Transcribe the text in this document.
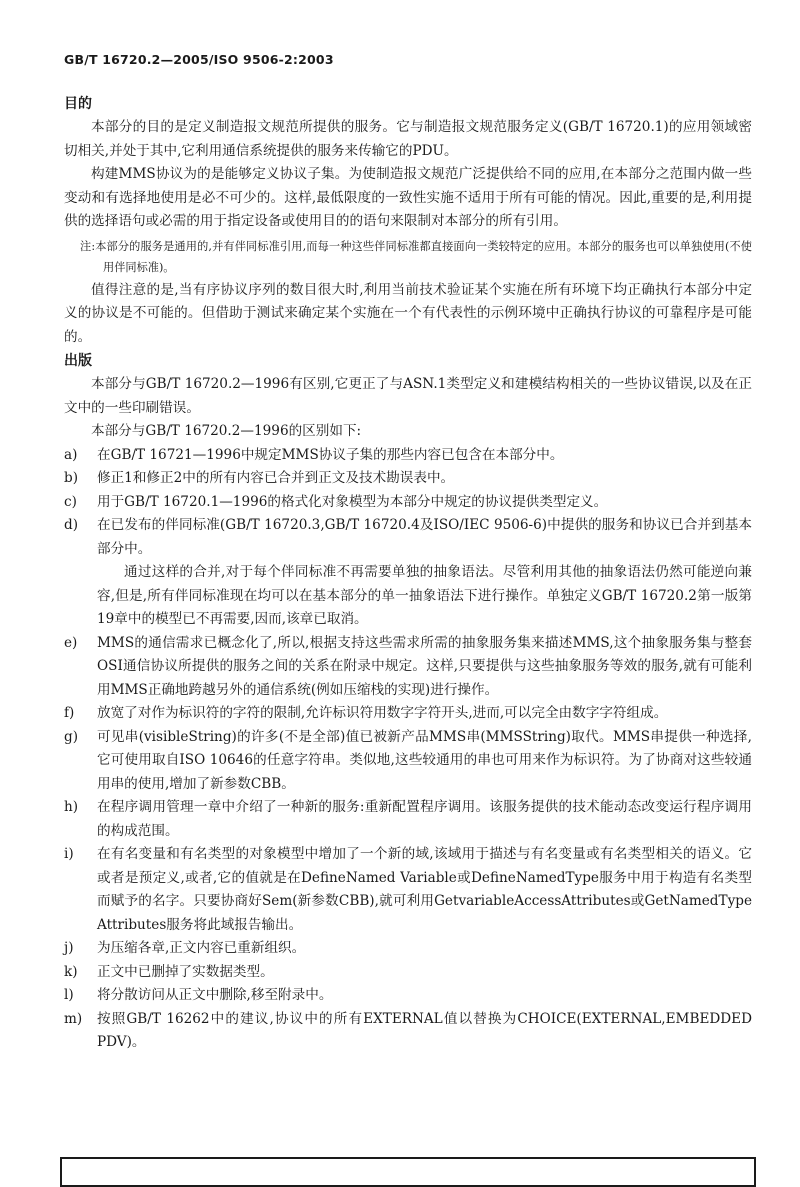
GB/T 16720.2—2005/ISO 9506-2:2003
目的

本部分的目的是定义制造报文规范所提供的服务。它与制造报文规范服务定义(GB/T 16720.1)的应用领域密切相关,并处于其中,它利用通信系统提供的服务来传输它的PDU。

构建MMS协议为的是能够定义协议子集。为使制造报文规范广泛提供给不同的应用,在本部分之范围内做一些变动和有选择地使用是必不可少的。这样,最低限度的一致性实施不适用于所有可能的情况。因此,重要的是,利用提供的选择语句或必需的用于指定设备或使用目的的语句来限制对本部分的所有引用。

注:本部分的服务是通用的,并有伴同标准引用,而每一种这些伴同标准都直接面向一类较特定的应用。本部分的服务也可以单独使用(不使用伴同标准)。

值得注意的是,当有序协议序列的数目很大时,利用当前技术验证某个实施在所有环境下均正确执行本部分中定义的协议是不可能的。但借助于测试来确定某个实施在一个有代表性的示例环境中正确执行协议的可靠程序是可能的。

出版

本部分与GB/T 16720.2—1996有区别,它更正了与ASN.1类型定义和建模结构相关的一些协议错误,以及在正文中的一些印刷错误。

本部分与GB/T 16720.2—1996的区别如下:

a)	在GB/T 16721—1996中规定MMS协议子集的那些内容已包含在本部分中。
b)	修正1和修正2中的所有内容已合并到正文及技术勘误表中。
c)	用于GB/T 16720.1—1996的格式化对象模型为本部分中规定的协议提供类型定义。
d)	在已发布的伴同标准(GB/T 16720.3,GB/T 16720.4及ISO/IEC 9506-6)中提供的服务和协议已合并到基本部分中。

通过这样的合并,对于每个伴同标准不再需要单独的抽象语法。尽管利用其他的抽象语法仍然可能逆向兼容,但是,所有伴同标准现在均可以在基本部分的单一抽象语法下进行操作。单独定义GB/T 16720.2第一版第19章中的模型已不再需要,因而,该章已取消。

e)	MMS的通信需求已概念化了,所以,根据支持这些需求所需的抽象服务集来描述MMS,这个抽象服务集与整套OSI通信协议所提供的服务之间的关系在附录中规定。这样,只要提供与这些抽象服务等效的服务,就有可能利用MMS正确地跨越另外的通信系统(例如压缩栈的实现)进行操作。
f)	放宽了对作为标识符的字符的限制,允许标识符用数字字符开头,进而,可以完全由数字字符组成。
g)	可见串(visibleString)的许多(不是全部)值已被新产品MMS串(MMSString)取代。MMS串提供一种选择,它可使用取自ISO 10646的任意字符串。类似地,这些较通用的串也可用来作为标识符。为了协商对这些较通用串的使用,增加了新参数CBB。
h)	在程序调用管理一章中介绍了一种新的服务:重新配置程序调用。该服务提供的技术能动态改变运行程序调用的构成范围。
i)	在有名变量和有名类型的对象模型中增加了一个新的域,该域用于描述与有名变量或有名类型相关的语义。它或者是预定义,或者,它的值就是在DefineNamed Variable或DefineNamedType服务中用于构造有名类型而赋予的名字。只要协商好Sem(新参数CBB),就可利用GetvariableAccessAttributes或GetNamedType Attributes服务将此域报告输出。
j)	为压缩各章,正文内容已重新组织。
k)	正文中已删掉了实数据类型。
l)	将分散访问从正文中删除,移至附录中。
m)	按照GB/T 16262中的建议,协议中的所有EXTERNAL值以替换为CHOICE(EXTERNAL,EMBEDDED PDV)。
